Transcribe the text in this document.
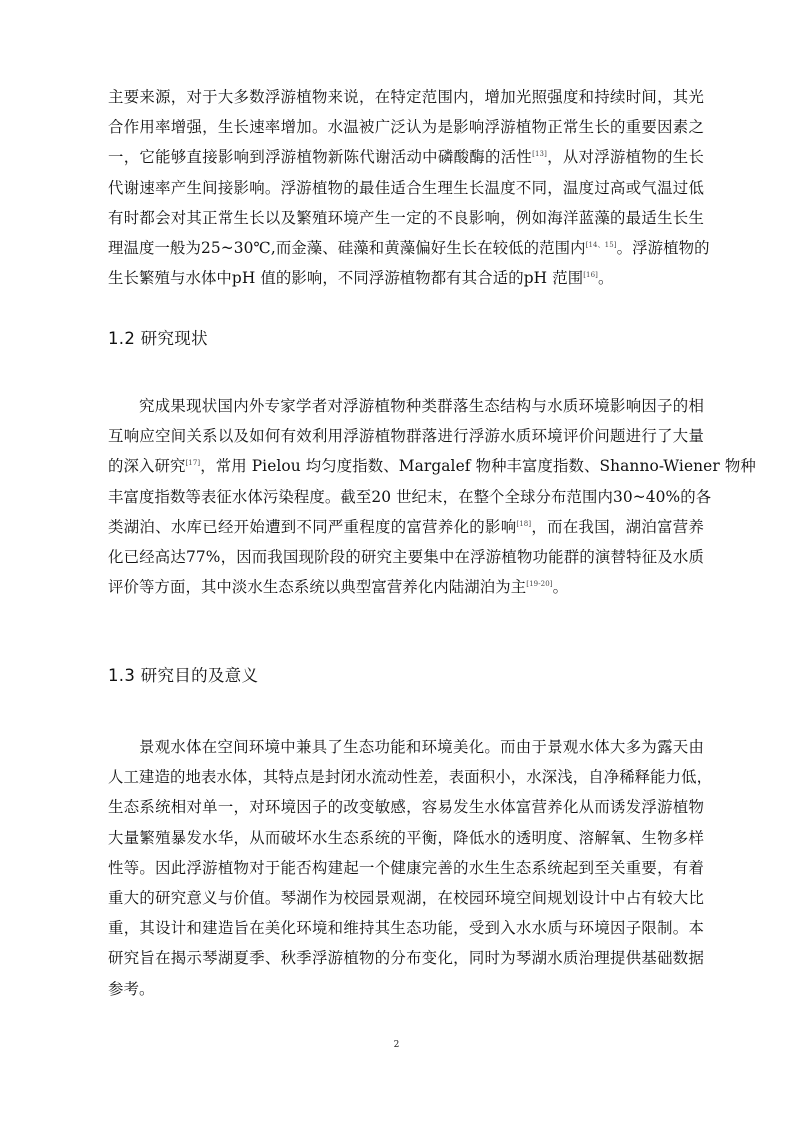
主要来源，对于大多数浮游植物来说，在特定范围内，增加光照强度和持续时间，其光
合作用率增强，生长速率增加。水温被广泛认为是影响浮游植物正常生长的重要因素之
一，它能够直接影响到浮游植物新陈代谢活动中磷酸酶的活性[13]，从对浮游植物的生长
代谢速率产生间接影响。浮游植物的最佳适合生理生长温度不同，温度过高或气温过低
有时都会对其正常生长以及繁殖环境产生一定的不良影响，例如海洋蓝藻的最适生长生
理温度一般为25~30℃,而金藻、硅藻和黄藻偏好生长在较低的范围内[14、15]。浮游植物的
生长繁殖与水体中pH 值的影响，不同浮游植物都有其合适的pH 范围[16]。

1.2 研究现状

究成果现状国内外专家学者对浮游植物种类群落生态结构与水质环境影响因子的相
互响应空间关系以及如何有效利用浮游植物群落进行浮游水质环境评价问题进行了大量
的深入研究[17]，常用 Pielou 均匀度指数、Margalef 物种丰富度指数、Shanno-Wiener 物种
丰富度指数等表征水体污染程度。截至20 世纪末，在整个全球分布范围内30~40%的各
类湖泊、水库已经开始遭到不同严重程度的富营养化的影响[18]，而在我国，湖泊富营养
化已经高达77%，因而我国现阶段的研究主要集中在浮游植物功能群的演替特征及水质
评价等方面，其中淡水生态系统以典型富营养化内陆湖泊为主[19-20]。

1.3 研究目的及意义

景观水体在空间环境中兼具了生态功能和环境美化。而由于景观水体大多为露天由
人工建造的地表水体，其特点是封闭水流动性差，表面积小，水深浅，自净稀释能力低，
生态系统相对单一，对环境因子的改变敏感，容易发生水体富营养化从而诱发浮游植物
大量繁殖暴发水华，从而破坏水生态系统的平衡，降低水的透明度、溶解氧、生物多样
性等。因此浮游植物对于能否构建起一个健康完善的水生生态系统起到至关重要，有着
重大的研究意义与价值。琴湖作为校园景观湖，在校园环境空间规划设计中占有较大比
重，其设计和建造旨在美化环境和维持其生态功能，受到入水水质与环境因子限制。本
研究旨在揭示琴湖夏季、秋季浮游植物的分布变化，同时为琴湖水质治理提供基础数据
参考。

2
